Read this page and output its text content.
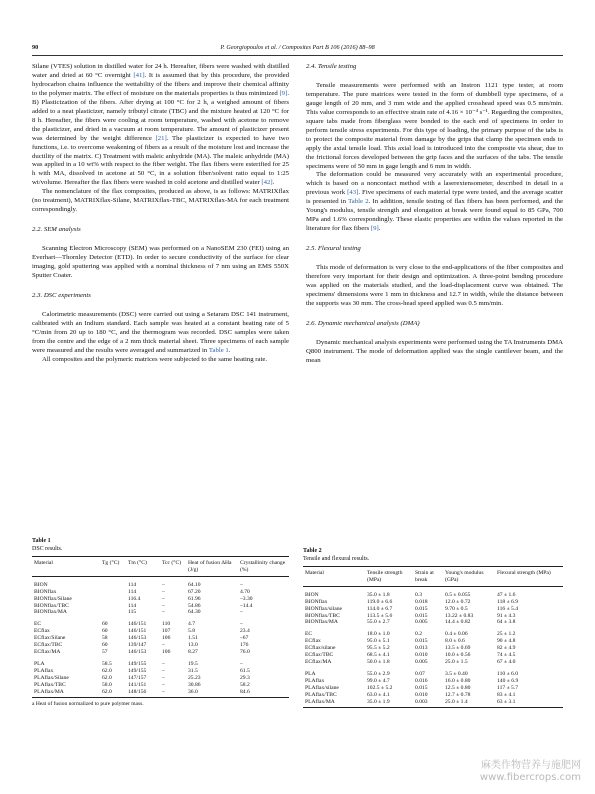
90	P. Georgiopoulos et al. / Composites Part B 106 (2016) 88–98

Silane (VTES) solution in distilled water for 24 h. Hereafter, fibers were washed with distilled water and dried at 60 °C overnight [41]. It is assumed that by this procedure, the provided hydrocarbon chains influence the wettability of the fibers and improve their chemical affinity to the polymer matrix. The effect of moisture on the materials properties is thus minimized [9]. B) Plasticization of the fibers. After drying at 100 °C for 2 h, a weighed amount of fibers added to a neat plasticizer, namely tributyl citrate (TBC) and the mixture heated at 120 °C for 8 h. Hereafter, the fibers were cooling at room temperature, washed with acetone to remove the plasticizer, and dried in a vacuum at room temperature. The amount of plasticizer present was determined by the weight difference [21]. The plasticizer is expected to have two functions, i.e. to overcome weakening of fibers as a result of the moisture lost and increase the ductility of the matrix. C) Treatment with maleic anhydride (MA). The maleic anhydride (MA) was applied in a 10 wt% with respect to the fiber weight. The flax fibers were esterified for 25 h with MA, dissolved in acetone at 50 °C, in a solution fiber/solvent ratio equal to 1:25 wt/volume. Hereafter the flax fibers were washed in cold acetone and distilled water [42].

The nomenclature of the flax composites, produced as above, is as follows: MATRIXflax (no treatment), MATRIXflax-Silane, MATRIXflax-TBC, MATRIXflax-MA for each treatment correspondingly.

2.2. SEM analysis

Scanning Electron Microscopy (SEM) was performed on a NanoSEM 230 (FEI) using an Everhart—Thornley Detector (ETD). In order to secure conductivity of the surface for clear imaging, gold sputtering was applied with a nominal thickness of 7 nm using an EMS 550X Sputter Coater.

2.3. DSC experiments

Calorimetric measurements (DSC) were carried out using a Setaram DSC 141 instrument, calibrated with an Indium standard. Each sample was heated at a constant heating rate of 5 °C/min from 20 up to 180 °C, and the thermogram was recorded. DSC samples were taken from the centre and the edge of a 2 mm thick material sheet. Three specimens of each sample were measured and the results were averaged and summarized in Table 1.

All composites and the polymeric matrices were subjected to the same heating rate.

2.4. Tensile testing

Tensile measurements were performed with an Instron 1121 type tester, at room temperature. The pure matrices were tested in the form of dumbbell type specimens, of a gauge length of 20 mm, and 3 mm wide and the applied crosshead speed was 0.5 mm/min. This value corresponds to an effective strain rate of 4.16 × 10⁻⁴ s⁻¹. Regarding the composites, square tabs made from fiberglass were bonded to the each end of specimens in order to perform tensile stress experiments. For this type of loading, the primary purpose of the tabs is to protect the composite material from damage by the grips that clamp the specimen ends to apply the axial tensile load. This axial load is introduced into the composite via shear, due to the frictional forces developed between the grip faces and the surfaces of the tabs. The tensile specimens were of 50 mm in gage length and 6 mm in width.

The deformation could be measured very accurately with an experimental procedure, which is based on a noncontact method with a laserextensometer, described in detail in a previous work [43]. Five specimens of each material type were tested, and the average scatter is presented in Table 2. In addition, tensile testing of flax fibers has been performed, and the Young's modulus, tensile strength and elongation at break were found equal to 85 GPa, 700 MPa and 1.6% correspondingly. These elastic properties are within the values reported in the literature for flax fibers [9].

2.5. Flexural testing

This mode of deformation is very close to the end-applications of the fiber composites and therefore very important for their design and optimization. A three-point bending procedure was applied on the materials studied, and the load-displacement curve was obtained. The specimens' dimensions were 1 mm in thickness and 12.7 in width, while the distance between the supports was 30 mm. The cross-head speed applied was 0.5 mm/min.

2.6. Dynamic mechanical analysis (DMA)

Dynamic mechanical analysis experiments were performed using the TA Instruments DMA Q800 instrument. The mode of deformation applied was the single cantilever beam, and the mean

Table 1
DSC results.
Material	Tg (°C)	Tm (°C)	Tcc (°C)	Heat of fusion ΔHa (J/g)	Crystallinity change (%)
BION		114	–	64.10	–
BIONflax		114	–	67.20	4.70
BIONflax/Silane		116.4	–	61.96	–3.30
BIONflax/TBC		114	–	54.86	–14.4
BIONflax/MA		115	–	64.30	–
EC	60	146/151	110	4.7	–
ECflax	60	146/151	107	5.8	23.4
ECflax/Silane	58	146/153	106	1.51	–67
ECflax/TBC	60	139/147	–	13.0	176
ECflax/MA	57	146/153	106	8.27	76.0
PLA	58.5	149/155	–	19.5	–
PLAflax	62.0	149/155	–	31.5	61.5
PLAflax/Silane	62.0	147/157	–	25.23	29.3
PLAflax/TBC	58.0	141/151	–	30.86	58.2
PLAflax/MA	62.0	148/156	–	36.0	84.6
a Heat of fusion normalized to pure polymer mass.
Table 2
Tensile and flexural results.
Material	Tensile strength (MPa)	Strain at break	Young's modulus (GPa)	Flexural strength (MPa)
BION	35.0 ± 1.8	0.3	0.5 ± 0.055	47 ± 1.6
BIONflax	119.0 ± 6.6	0.018	12.0 ± 0.72	118 ± 6.9
BIONflax/silane	114.0 ± 6.7	0.015	9.70 ± 0.5	116 ± 5.4
BIONflax/TBC	113.5 ± 5.6	0.015	13.22 ± 0.83	91 ± 4.3
BIONflax/MA	55.0 ± 2.7	0.005	14.4 ± 0.82	64 ± 3.8
EC	18.0 ± 1.0	0.2	0.4 ± 0.06	25 ± 1.2
ECflax	95.0 ± 5.1	0.015	8.0 ± 0.6	90 ± 4.8
ECflax/silane	95.5 ± 5.2	0.013	13.5 ± 0.69	82 ± 4.9
ECflax/TBC	68.5 ± 4.1	0.010	10.0 ± 0.56	74 ± 4.5
ECflax/MA	50.0 ± 1.8	0.005	25.0 ± 1.5	67 ± 4.0
PLA	55.0 ± 2.9	0.07	3.5 ± 0.40	110 ± 6.0
PLAflax	99.0 ± 4.7	0.016	16.0 ± 0.80	140 ± 6.9
PLAflax/silane	102.5 ± 5.2	0.015	12.5 ± 0.80	117 ± 5.7
PLAflax/TBC	63.0 ± 4.1	0.010	12.7 ± 0.78	83 ± 4.1
PLAflax/MA	35.0 ± 1.9	0.003	25.0 ± 1.4	63 ± 3.1
麻类作物营养与施肥网
www.fibercrops.com
